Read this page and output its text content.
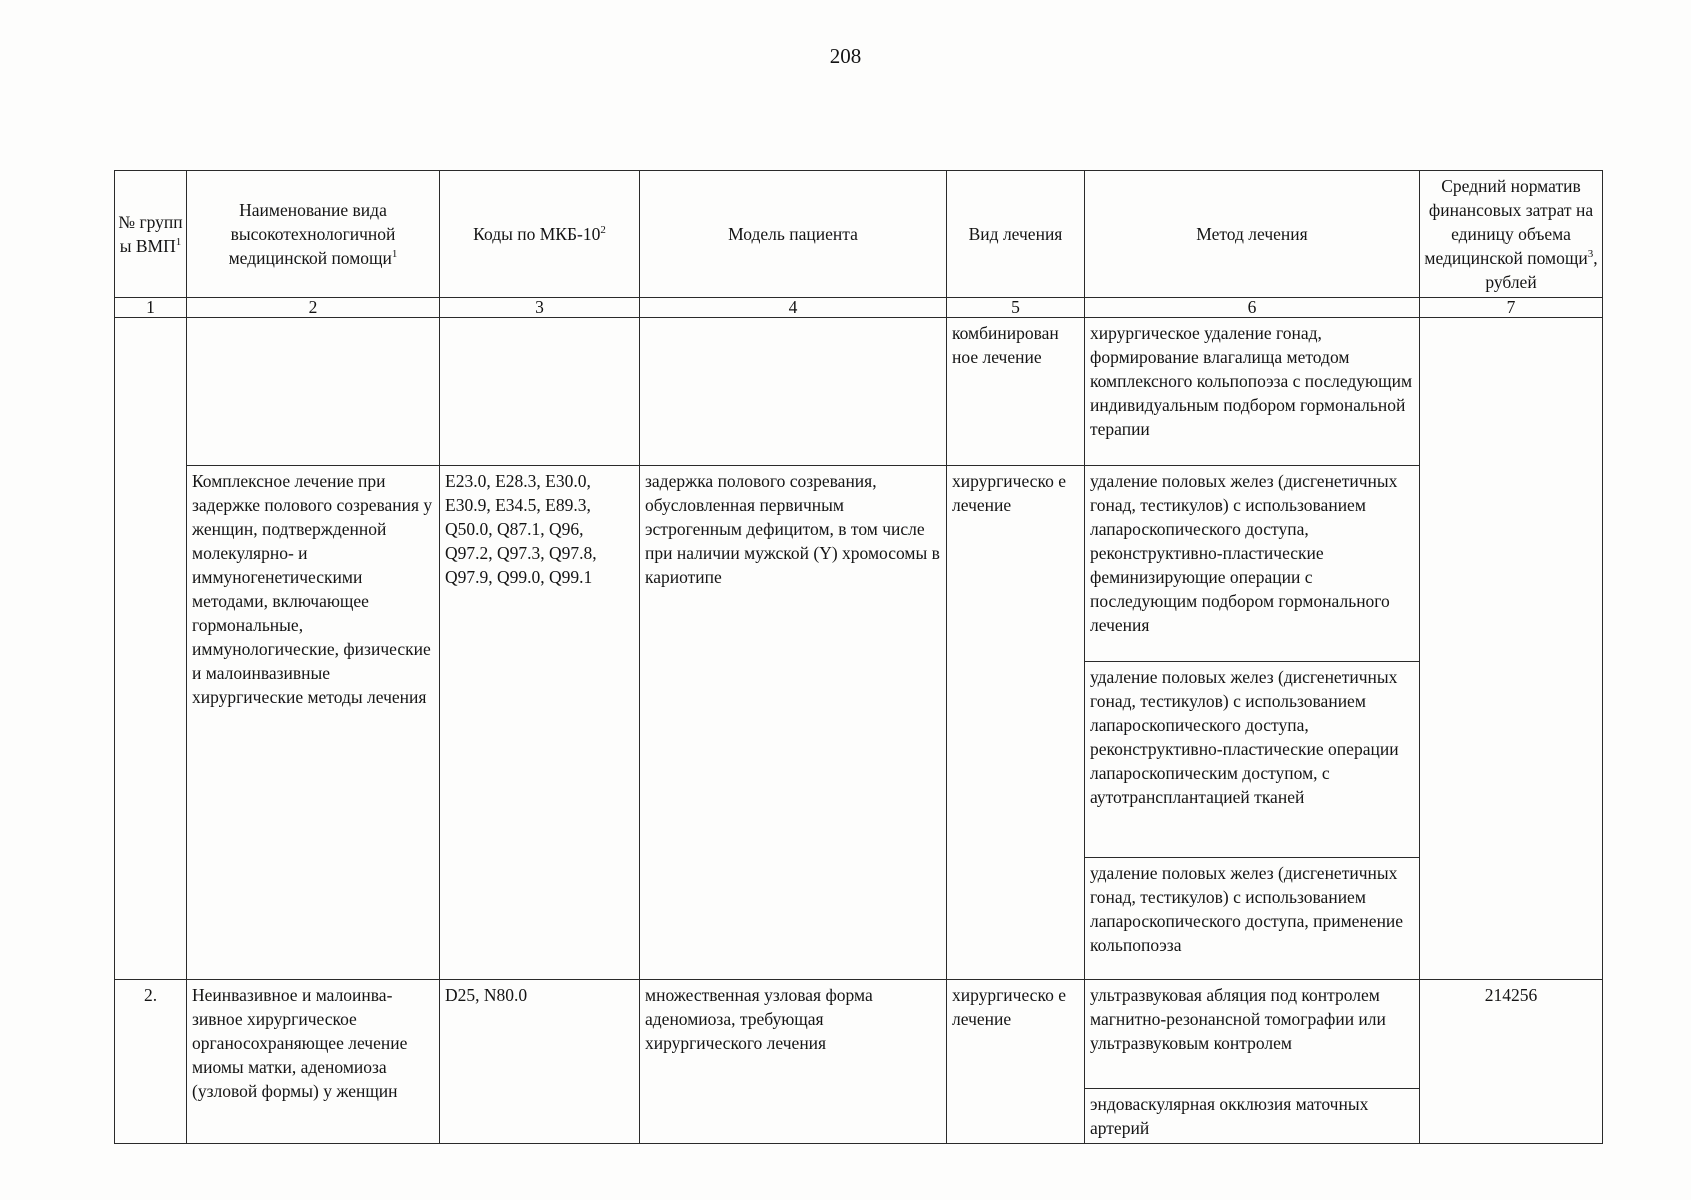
208
№ групп ы ВМП$^1$	Наименование вида высокотехнологичной медицинской помощи$^1$	Коды по МКБ-$10^2$	Модель пациента	Вид лечения	Метод лечения	Средний норматив финансовых затрат на единицу объема медицинской помощи$^3$, рублей
1	2	3	4	5	6	7
				комбинирован ное лечение	хирургическое удаление гонад, формирование влагалища методом комплексного кольпопоэза с последующим индивидуальным подбором гормональной терапии	
	Комплексное лечение при задержке полового созревания у женщин, подтвержденной молекулярно- и иммуногенетическими методами, включающее гормональные, иммунологические, физические и малоинвазивные хирургические методы лечения	E23.0, E28.3, E30.0, E30.9, E34.5, E89.3, Q50.0, Q87.1, Q96, Q97.2, Q97.3, Q97.8, Q97.9, Q99.0, Q99.1	задержка полового созревания, обусловленная первичным эстрогенным дефицитом, в том числе при наличии мужской (Y) хромосомы в кариотипе	хирургическо е лечение	удаление половых желез (дисгенетичных гонад, тестикулов) с использованием лапароскопического доступа, реконструктивно-пластические феминизирующие операции с последующим подбором гормонального лечения	
					удаление половых желез (дисгенетичных гонад, тестикулов) с использованием лапароскопического доступа, реконструктивно-пластические операции лапароскопическим доступом, с аутотрансплантацией тканей	
					удаление половых желез (дисгенетичных гонад, тестикулов) с использованием лапароскопического доступа, применение кольпопоэза	
2.	Неинвазивное и малоинва-зивное хирургическое органосохраняющее лечение миомы матки, аденомиоза (узловой формы) у женщин	D25, N80.0	множественная узловая форма аденомиоза, требующая хирургического лечения	хирургическо е лечение	ультразвуковая абляция под контролем магнитно-резонансной томографии или ультразвуковым контролем	214256
					эндоваскулярная окклюзия маточных артерий	
